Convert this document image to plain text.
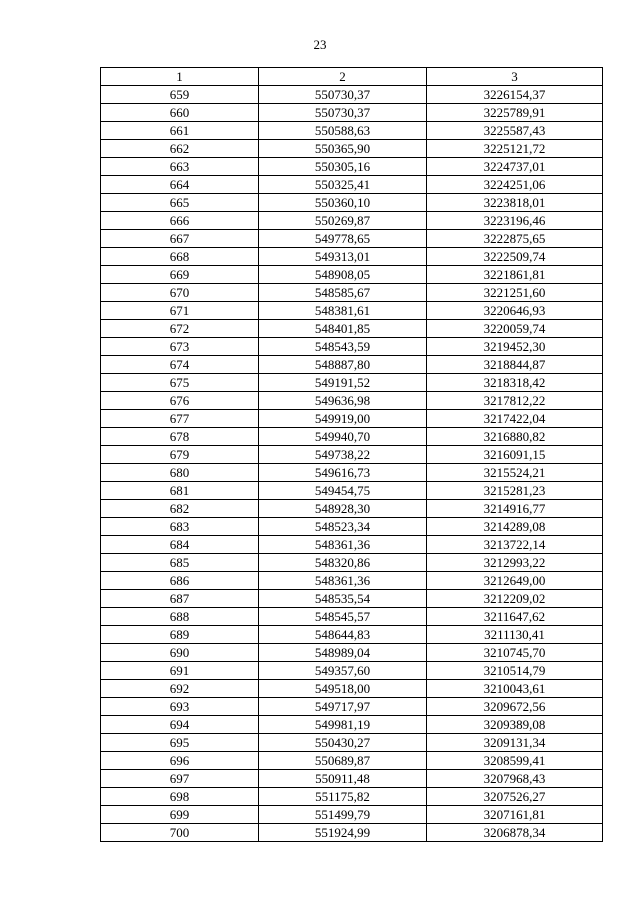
23
1	2	3
659	550730,37	3226154,37
660	550730,37	3225789,91
661	550588,63	3225587,43
662	550365,90	3225121,72
663	550305,16	3224737,01
664	550325,41	3224251,06
665	550360,10	3223818,01
666	550269,87	3223196,46
667	549778,65	3222875,65
668	549313,01	3222509,74
669	548908,05	3221861,81
670	548585,67	3221251,60
671	548381,61	3220646,93
672	548401,85	3220059,74
673	548543,59	3219452,30
674	548887,80	3218844,87
675	549191,52	3218318,42
676	549636,98	3217812,22
677	549919,00	3217422,04
678	549940,70	3216880,82
679	549738,22	3216091,15
680	549616,73	3215524,21
681	549454,75	3215281,23
682	548928,30	3214916,77
683	548523,34	3214289,08
684	548361,36	3213722,14
685	548320,86	3212993,22
686	548361,36	3212649,00
687	548535,54	3212209,02
688	548545,57	3211647,62
689	548644,83	3211130,41
690	548989,04	3210745,70
691	549357,60	3210514,79
692	549518,00	3210043,61
693	549717,97	3209672,56
694	549981,19	3209389,08
695	550430,27	3209131,34
696	550689,87	3208599,41
697	550911,48	3207968,43
698	551175,82	3207526,27
699	551499,79	3207161,81
700	551924,99	3206878,34
